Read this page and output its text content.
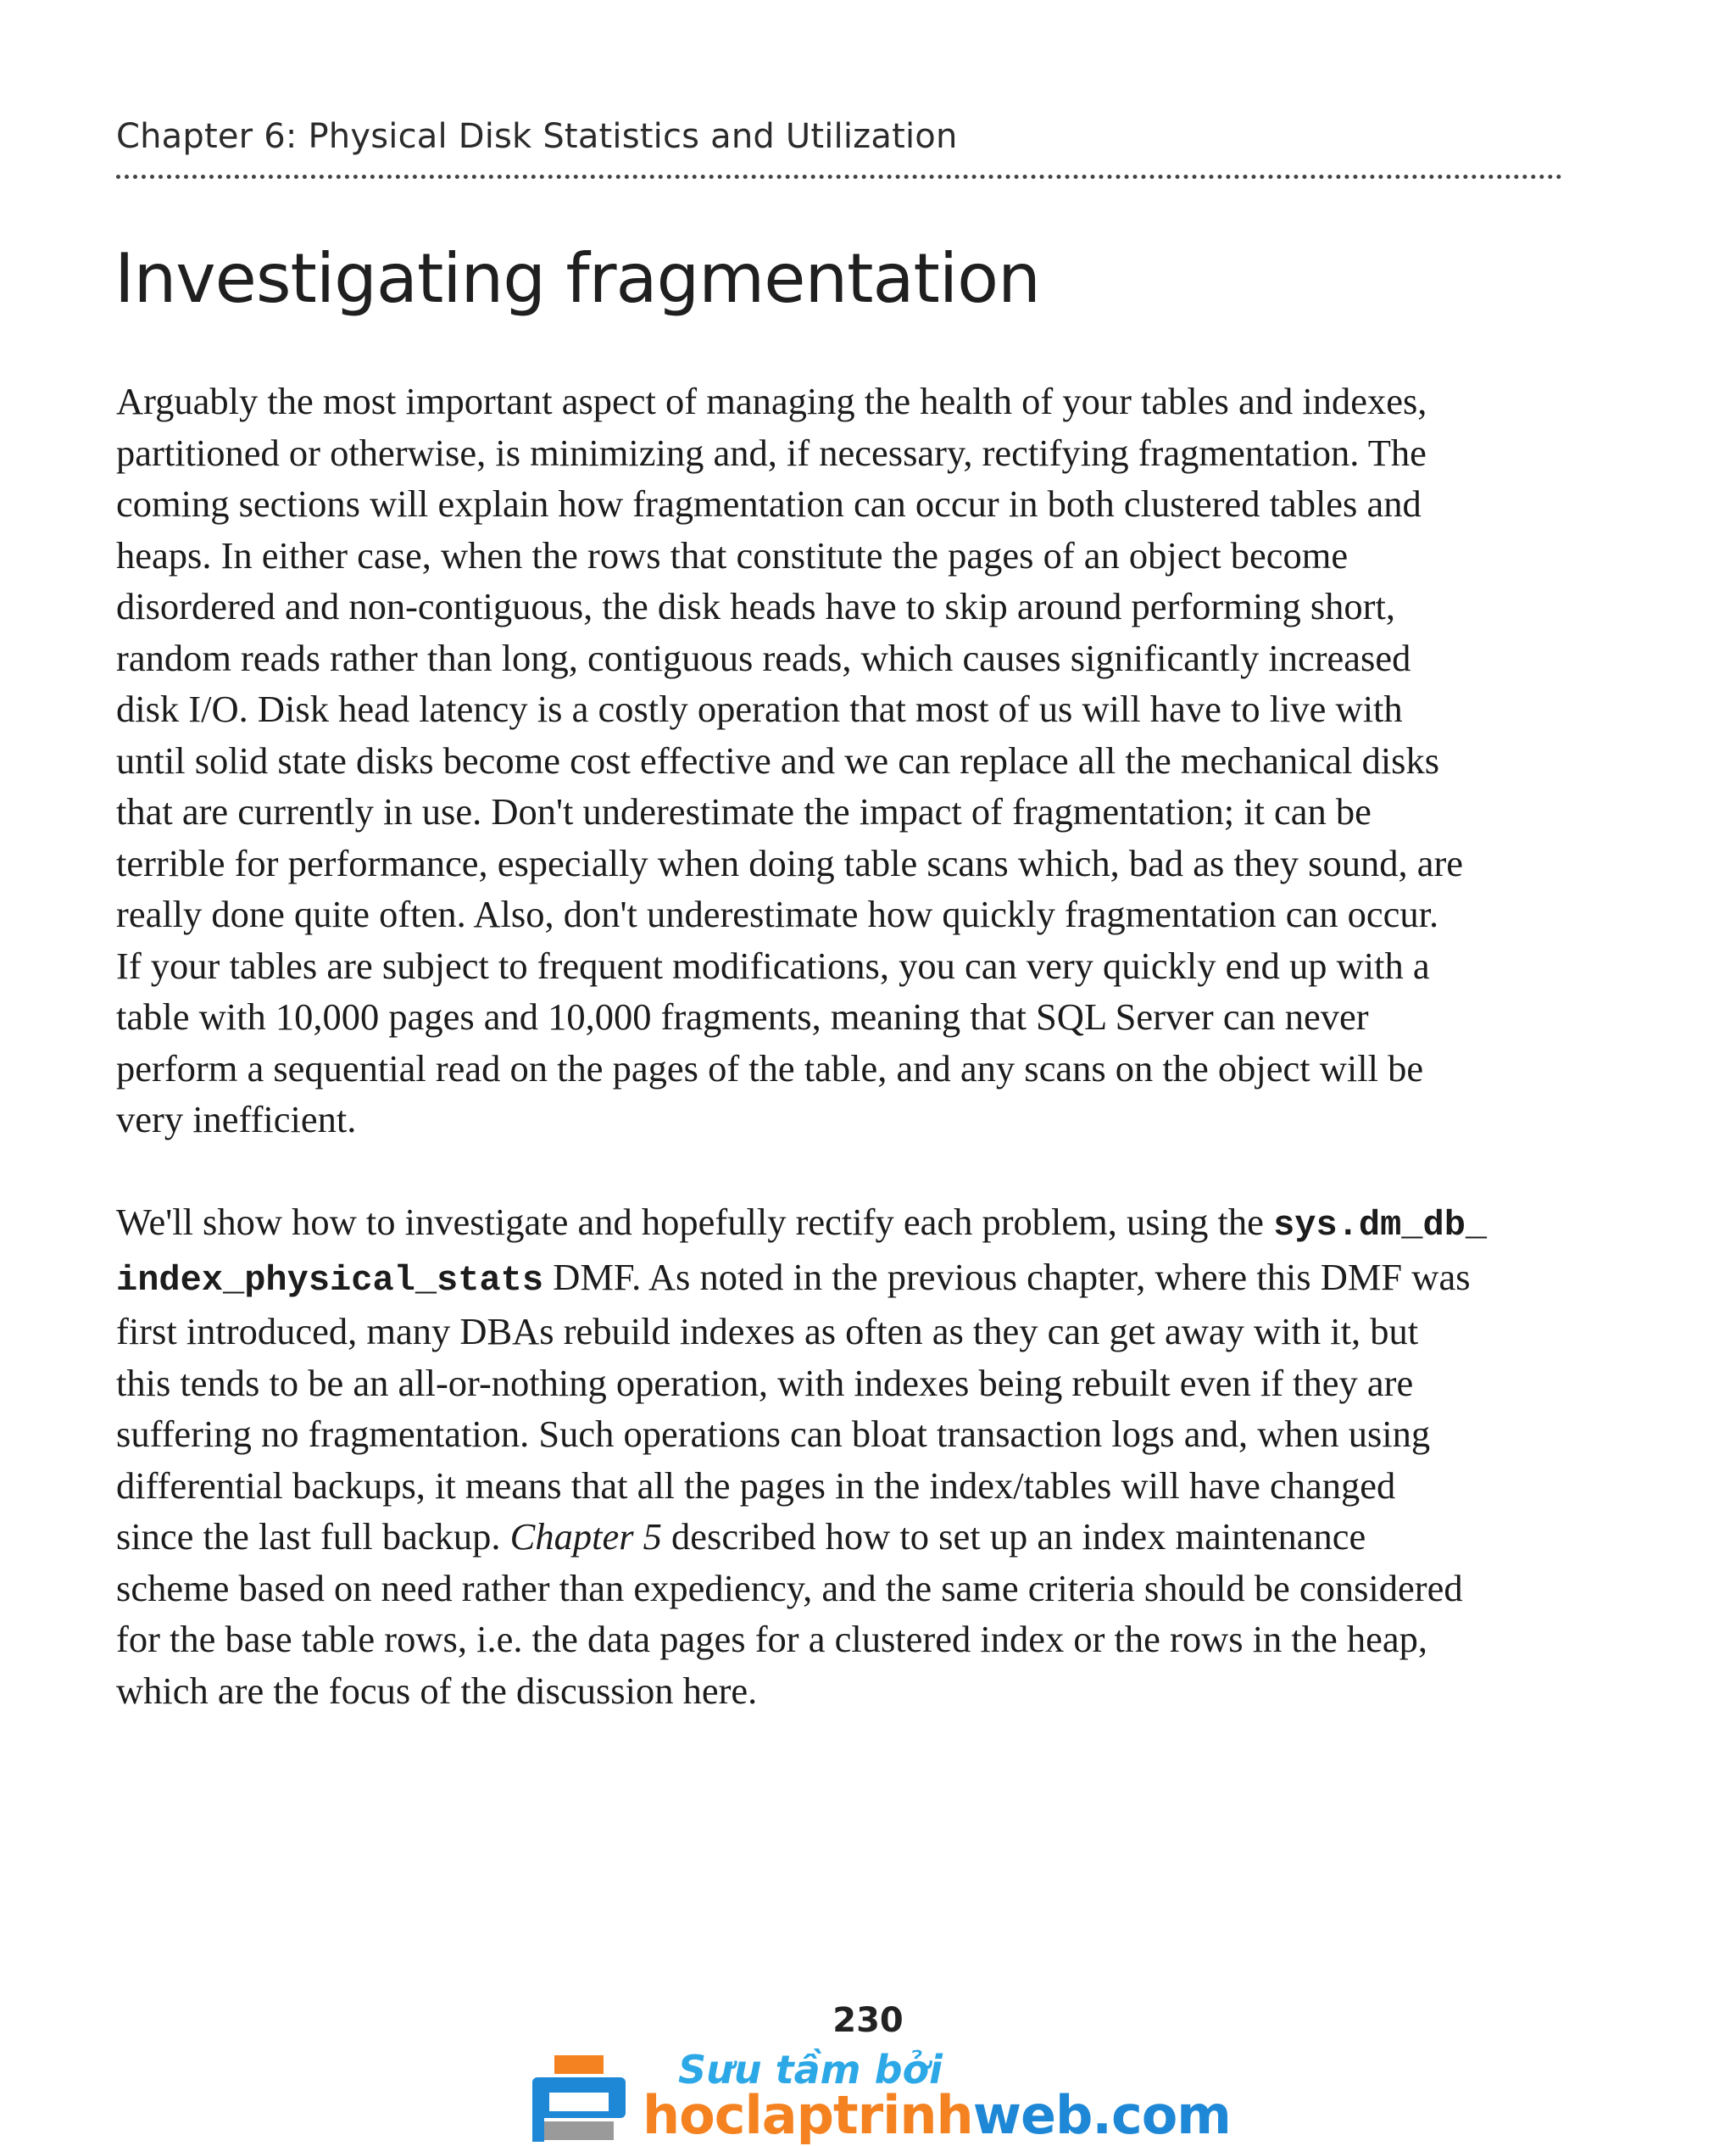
Chapter 6: Physical Disk Statistics and Utilization
Investigating fragmentation

Arguably the most important aspect of managing the health of your tables and indexes,
partitioned or otherwise, is minimizing and, if necessary, rectifying fragmentation. The
coming sections will explain how fragmentation can occur in both clustered tables and
heaps. In either case, when the rows that constitute the pages of an object become
disordered and non-contiguous, the disk heads have to skip around performing short,
random reads rather than long, contiguous reads, which causes significantly increased
disk I/O. Disk head latency is a costly operation that most of us will have to live with
until solid state disks become cost effective and we can replace all the mechanical disks
that are currently in use. Don't underestimate the impact of fragmentation; it can be
terrible for performance, especially when doing table scans which, bad as they sound, are
really done quite often. Also, don't underestimate how quickly fragmentation can occur.
If your tables are subject to frequent modifications, you can very quickly end up with a
table with 10,000 pages and 10,000 fragments, meaning that SQL Server can never
perform a sequential read on the pages of the table, and any scans on the object will be
very inefficient.

We'll show how to investigate and hopefully rectify each problem, using the sys.dm_db_
index_physical_stats DMF. As noted in the previous chapter, where this DMF was
first introduced, many DBAs rebuild indexes as often as they can get away with it, but
this tends to be an all-or-nothing operation, with indexes being rebuilt even if they are
suffering no fragmentation. Such operations can bloat transaction logs and, when using
differential backups, it means that all the pages in the index/tables will have changed
since the last full backup. Chapter 5 described how to set up an index maintenance
scheme based on need rather than expediency, and the same criteria should be considered
for the base table rows, i.e. the data pages for a clustered index or the rows in the heap,
which are the focus of the discussion here.

230
Sưu tầm bởi
hoclaptrinhweb.com
